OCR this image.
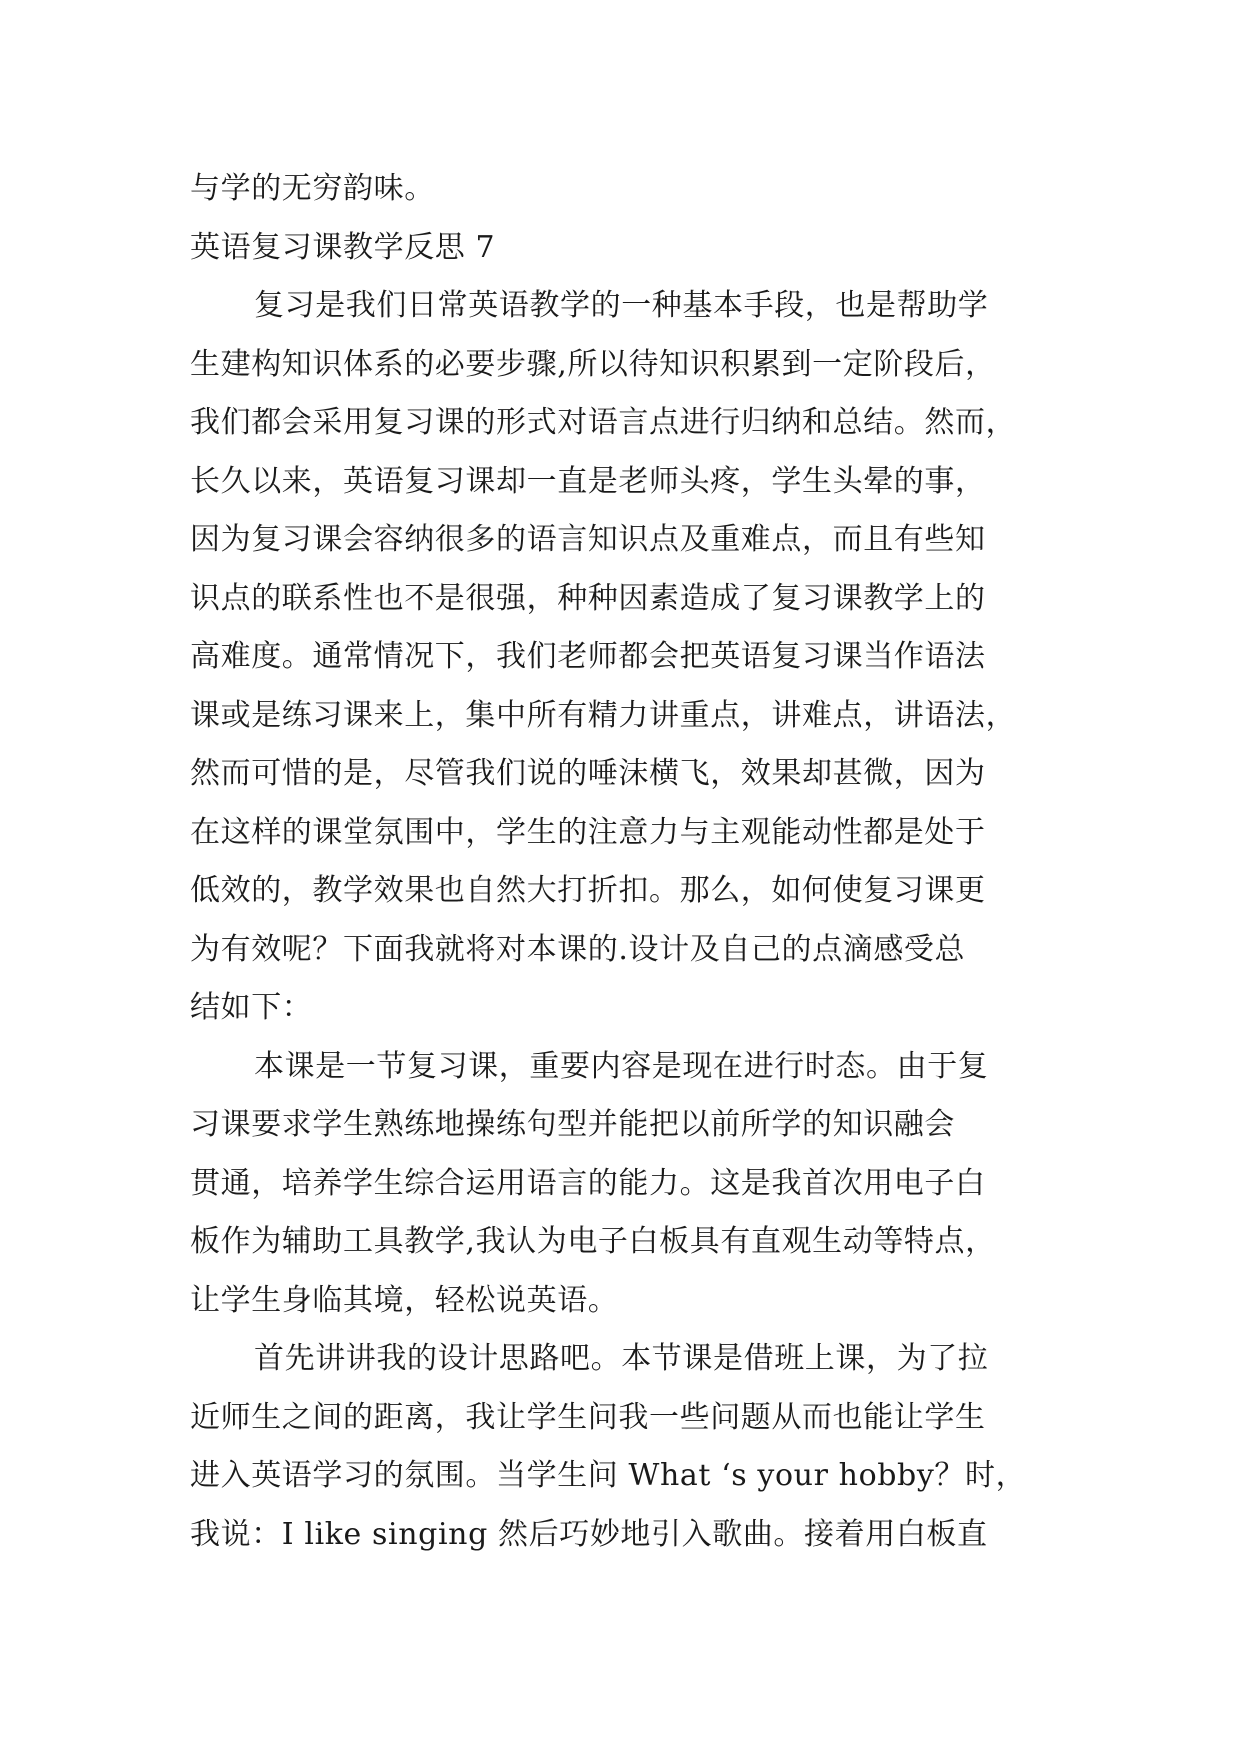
与学的无穷韵味。
英语复习课教学反思 7
复习是我们日常英语教学的一种基本手段，也是帮助学
生建构知识体系的必要步骤,所以待知识积累到一定阶段后，
我们都会采用复习课的形式对语言点进行归纳和总结。然而，
长久以来，英语复习课却一直是老师头疼，学生头晕的事，
因为复习课会容纳很多的语言知识点及重难点，而且有些知
识点的联系性也不是很强，种种因素造成了复习课教学上的
高难度。通常情况下，我们老师都会把英语复习课当作语法
课或是练习课来上，集中所有精力讲重点，讲难点，讲语法，
然而可惜的是，尽管我们说的唾沫横飞，效果却甚微，因为
在这样的课堂氛围中，学生的注意力与主观能动性都是处于
低效的，教学效果也自然大打折扣。那么，如何使复习课更
为有效呢？下面我就将对本课的.设计及自己的点滴感受总
结如下：
本课是一节复习课，重要内容是现在进行时态。由于复
习课要求学生熟练地操练句型并能把以前所学的知识融会
贯通，培养学生综合运用语言的能力。这是我首次用电子白
板作为辅助工具教学,我认为电子白板具有直观生动等特点，
让学生身临其境，轻松说英语。
首先讲讲我的设计思路吧。本节课是借班上课，为了拉
近师生之间的距离，我让学生问我一些问题从而也能让学生
进入英语学习的氛围。当学生问 What ‘s your hobby？时，
我说：I like singing 然后巧妙地引入歌曲。接着用白板直
